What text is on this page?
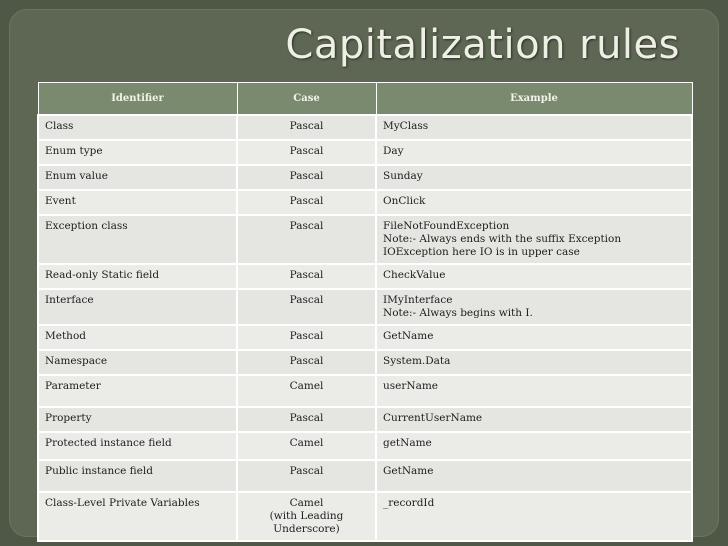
Capitalization rules
Identifier	Case	Example
Class	Pascal	MyClass

Enum type	Pascal	Day

Enum value	Pascal	Sunday

Event	Pascal	OnClick

Exception class	Pascal	FileNotFoundException
Note:- Always ends with the suffix Exception
IOException here IO is in upper case

Read-only Static field	Pascal	CheckValue

Interface	Pascal	IMyInterface
Note:- Always begins with I.

Method	Pascal	GetName

Namespace	Pascal	System.Data

Parameter	Camel	userName

Property	Pascal	CurrentUserName

Protected instance field	Camel	getName

Public instance field	Pascal	GetName

Class-Level Private Variables	Camel
(with Leading
Underscore)	_recordId
